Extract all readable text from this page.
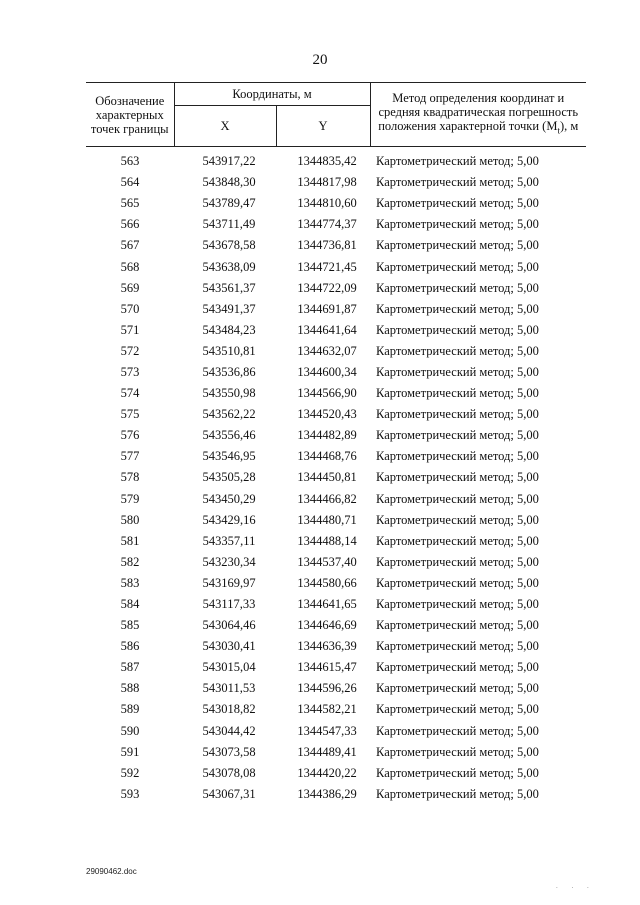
20
Обозначение характерных точек границы	Координаты, м		Метод определения координат и средняя квадратическая погрешность положения характерной точки $(M_t)$, м
	X	Y	
563	543917,22	1344835,42	Картометрический метод; 5,00
564	543848,30	1344817,98	Картометрический метод; 5,00
565	543789,47	1344810,60	Картометрический метод; 5,00
566	543711,49	1344774,37	Картометрический метод; 5,00
567	543678,58	1344736,81	Картометрический метод; 5,00
568	543638,09	1344721,45	Картометрический метод; 5,00
569	543561,37	1344722,09	Картометрический метод; 5,00
570	543491,37	1344691,87	Картометрический метод; 5,00
571	543484,23	1344641,64	Картометрический метод; 5,00
572	543510,81	1344632,07	Картометрический метод; 5,00
573	543536,86	1344600,34	Картометрический метод; 5,00
574	543550,98	1344566,90	Картометрический метод; 5,00
575	543562,22	1344520,43	Картометрический метод; 5,00
576	543556,46	1344482,89	Картометрический метод; 5,00
577	543546,95	1344468,76	Картометрический метод; 5,00
578	543505,28	1344450,81	Картометрический метод; 5,00
579	543450,29	1344466,82	Картометрический метод; 5,00
580	543429,16	1344480,71	Картометрический метод; 5,00
581	543357,11	1344488,14	Картометрический метод; 5,00
582	543230,34	1344537,40	Картометрический метод; 5,00
583	543169,97	1344580,66	Картометрический метод; 5,00
584	543117,33	1344641,65	Картометрический метод; 5,00
585	543064,46	1344646,69	Картометрический метод; 5,00
586	543030,41	1344636,39	Картометрический метод; 5,00
587	543015,04	1344615,47	Картометрический метод; 5,00
588	543011,53	1344596,26	Картометрический метод; 5,00
589	543018,82	1344582,21	Картометрический метод; 5,00
590	543044,42	1344547,33	Картометрический метод; 5,00
591	543073,58	1344489,41	Картометрический метод; 5,00
592	543078,08	1344420,22	Картометрический метод; 5,00
593	543067,31	1344386,29	Картометрический метод; 5,00
29090462.doc
. . .
